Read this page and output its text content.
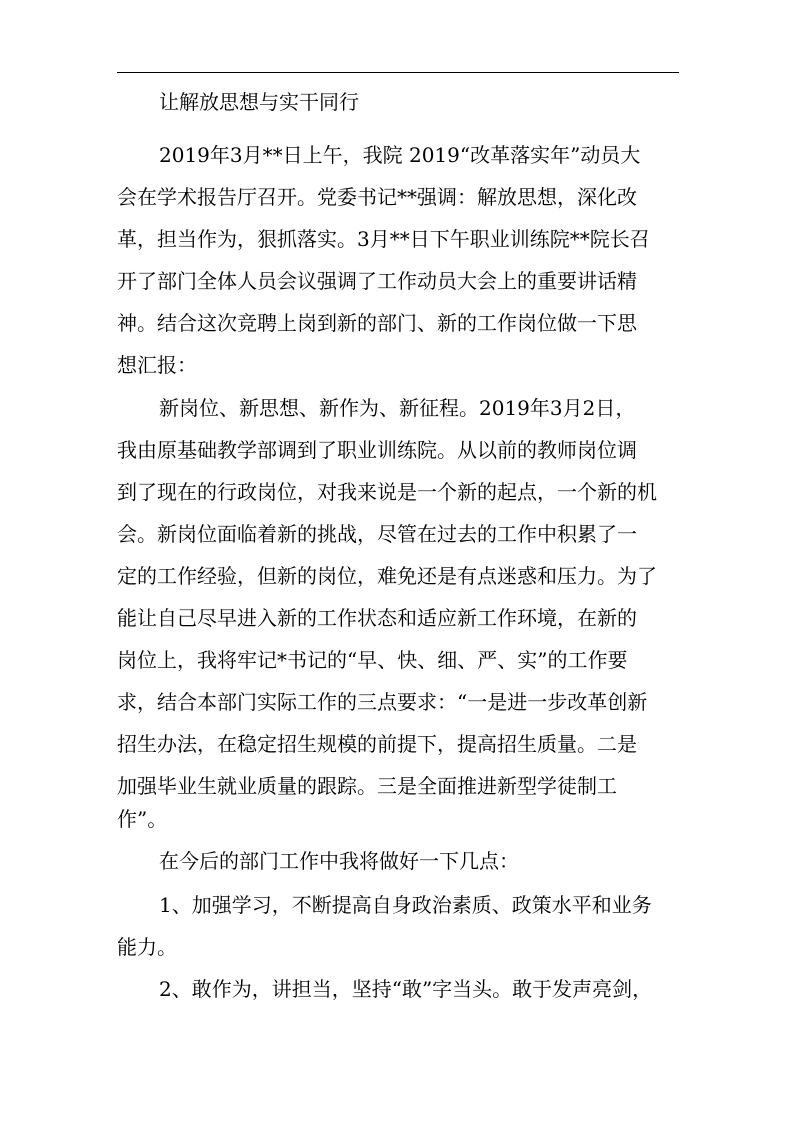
让解放思想与实干同行
2019年3月**日上午，我院 2019“改革落实年”动员大
会在学术报告厅召开。党委书记**强调：解放思想，深化改
革，担当作为，狠抓落实。3月**日下午职业训练院**院长召
开了部门全体人员会议强调了工作动员大会上的重要讲话精
神。结合这次竞聘上岗到新的部门、新的工作岗位做一下思
想汇报：
新岗位、新思想、新作为、新征程。2019年3月2日，
我由原基础教学部调到了职业训练院。从以前的教师岗位调
到了现在的行政岗位，对我来说是一个新的起点，一个新的机
会。新岗位面临着新的挑战，尽管在过去的工作中积累了一
定的工作经验，但新的岗位，难免还是有点迷惑和压力。为了
能让自己尽早进入新的工作状态和适应新工作环境，在新的
岗位上，我将牢记*书记的“早、快、细、严、实”的工作要
求，结合本部门实际工作的三点要求：“一是进一步改革创新
招生办法，在稳定招生规模的前提下，提高招生质量。二是
加强毕业生就业质量的跟踪。三是全面推进新型学徒制工
作”。
在今后的部门工作中我将做好一下几点：
1、加强学习，不断提高自身政治素质、政策水平和业务
能力。
2、敢作为，讲担当，坚持“敢”字当头。敢于发声亮剑，
